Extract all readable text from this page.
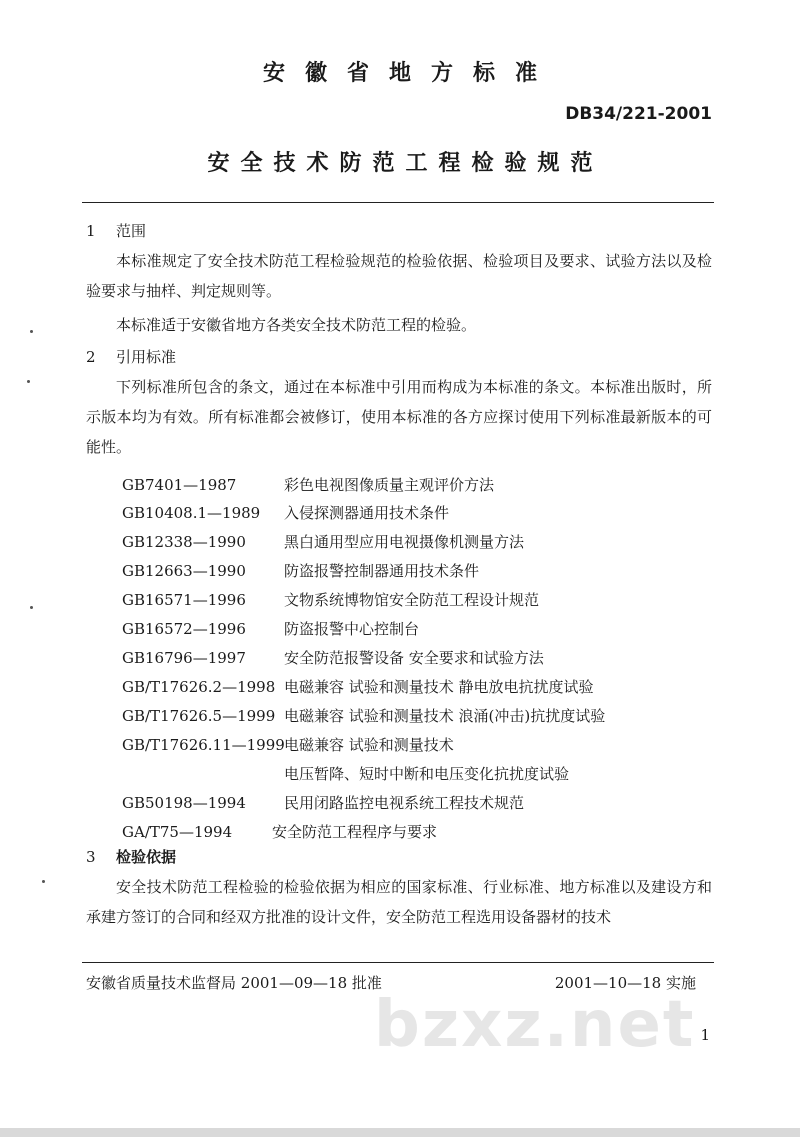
安徽省地方标准
DB34/221-2001
安全技术防范工程检验规范
1 范围
本标准规定了安全技术防范工程检验规范的检验依据、检验项目及要求、试验方法以及检验要求与抽样、判定规则等。
本标准适于安徽省地方各类安全技术防范工程的检验。
2 引用标准
下列标准所包含的条文，通过在本标准中引用而构成为本标准的条文。本标准出版时，所示版本均为有效。所有标准都会被修订，使用本标准的各方应探讨使用下列标准最新版本的可能性。
GB7401—1987	彩色电视图像质量主观评价方法
GB10408.1—1989 入侵探测器通用技术条件
GB12338—1990	黑白通用型应用电视摄像机测量方法
GB12663—1990	防盗报警控制器通用技术条件
GB16571—1996	文物系统博物馆安全防范工程设计规范
GB16572—1996	防盗报警中心控制台
GB16796—1997	安全防范报警设备 安全要求和试验方法
GB/T17626.2—1998 电磁兼容 试验和测量技术 静电放电抗扰度试验
GB/T17626.5—1999 电磁兼容 试验和测量技术 浪涌(冲击)抗扰度试验
GB/T17626.11—1999电磁兼容 试验和测量技术
电压暂降、短时中断和电压变化抗扰度试验
GB50198—1994	民用闭路监控电视系统工程技术规范
GA/T75—1994	安全防范工程程序与要求
3 检验依据
安全技术防范工程检验的检验依据为相应的国家标准、行业标准、地方标准以及建设方和承建方签订的合同和经双方批准的设计文件，安全防范工程选用设备器材的技术
安徽省质量技术监督局 2001—09—18 批准	2001—10—18 实施
bzxz.net 1
